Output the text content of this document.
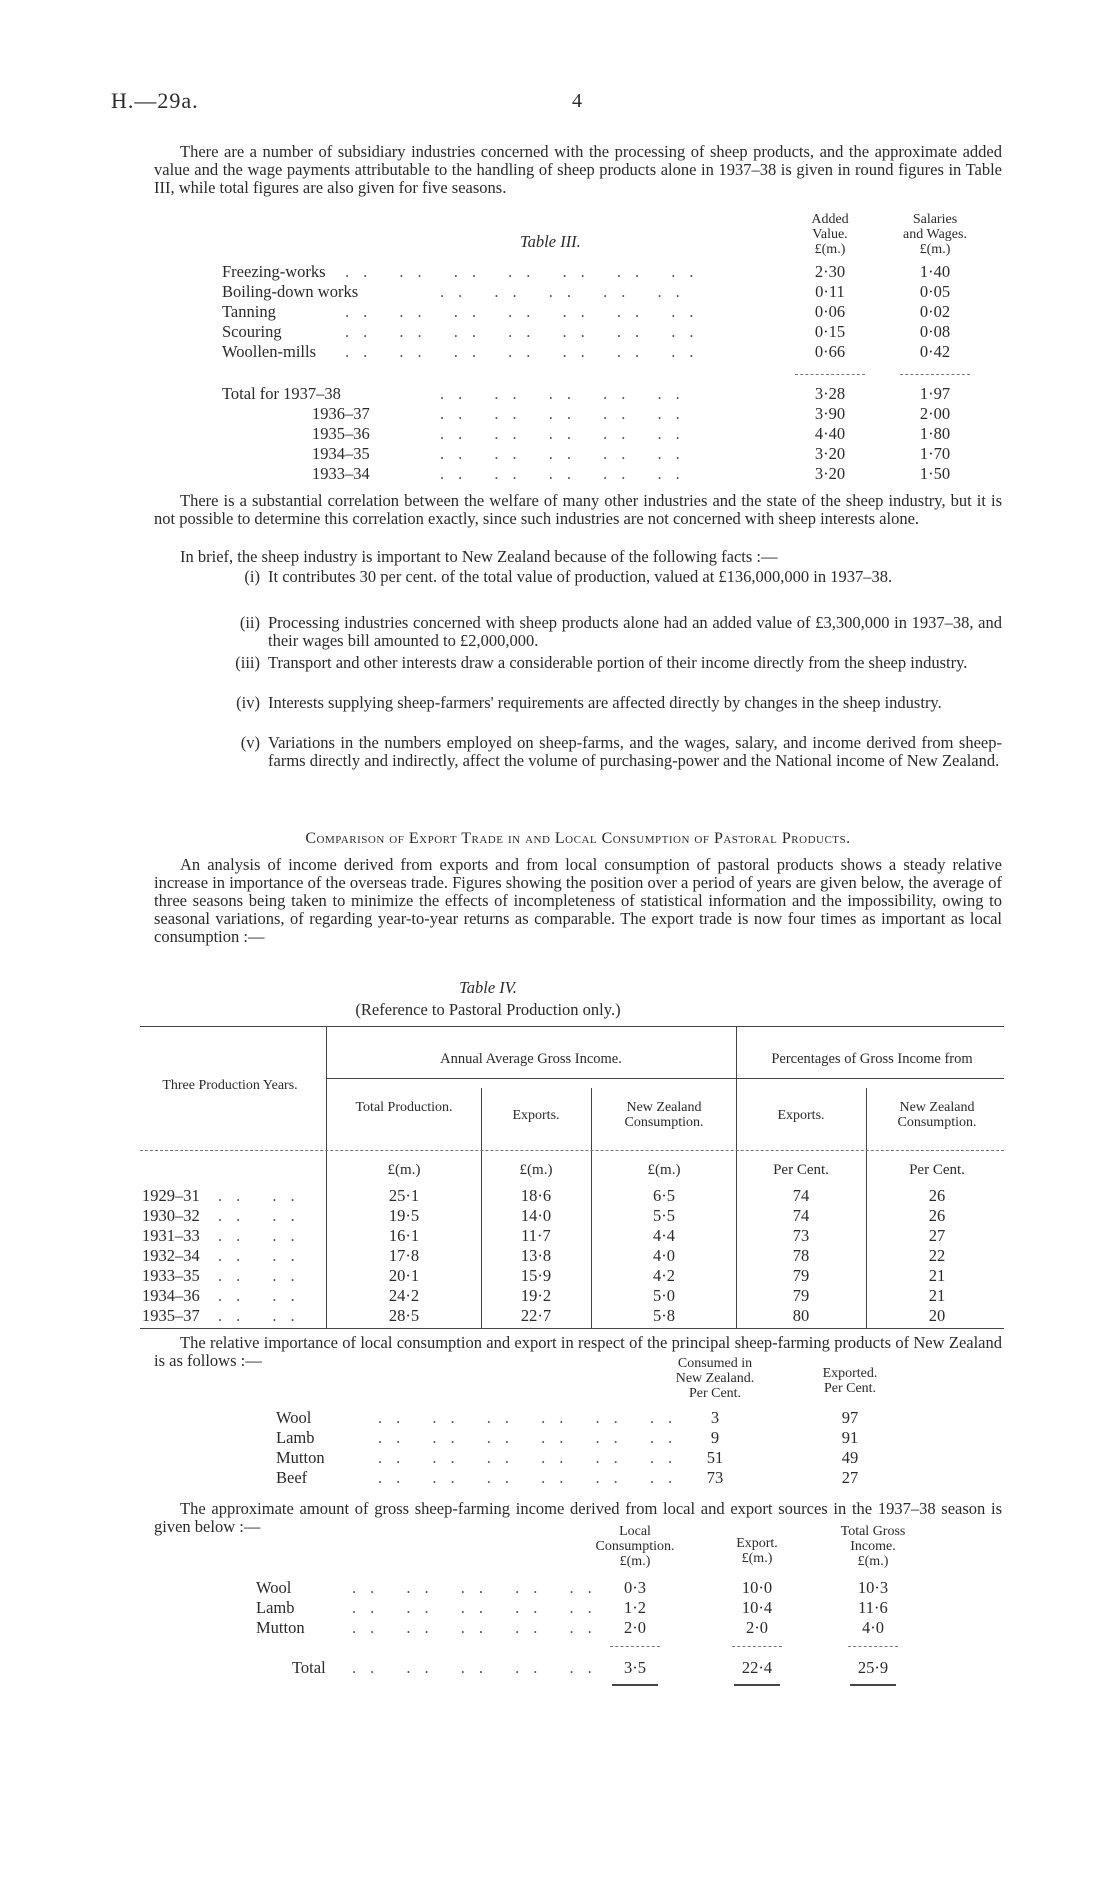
H.—29a.	4
There are a number of subsidiary industries concerned with the processing of sheep products, and the approximate added value and the wage payments attributable to the handling of sheep products alone in 1937–38 is given in round figures in Table III, while total figures are also given for five seasons.
Table III.
Added
Value.
£(m.)
Salaries
and Wages.
£(m.)
Freezing-works .. .. .. .. .. .. ..	2·30	1·40
Boiling-down works	.. .. .. .. ..	0·11	0·05
Tanning	.. .. .. .. .. .. ..	0·06	0·02
Scouring	.. .. .. .. .. .. ..	0·15	0·08
Woollen-mills .. .. .. .. .. .. ..	0·66	0·42
Total for 1937–38	.. .. .. .. ..	3·28	1·97
1936–37	.. .. .. .. ..	3·90	2·00
1935–36	.. .. .. .. ..	4·40	1·80
1934–35	.. .. .. .. ..	3·20	1·70
1933–34	.. .. .. .. ..	3·20	1·50
There is a substantial correlation between the welfare of many other industries and the state of the sheep industry, but it is not possible to determine this correlation exactly, since such industries are not concerned with sheep interests alone.
In brief, the sheep industry is important to New Zealand because of the following facts :—
(i) It contributes 30 per cent. of the total value of production, valued at £136,000,000 in 1937–38.
(ii) Processing industries concerned with sheep products alone had an added value of £3,300,000 in 1937–38, and their wages bill amounted to £2,000,000.
(iii) Transport and other interests draw a considerable portion of their income directly from the sheep industry.
(iv) Interests supplying sheep-farmers' requirements are affected directly by changes in the sheep industry.
(v) Variations in the numbers employed on sheep-farms, and the wages, salary, and income derived from sheep-farms directly and indirectly, affect the volume of purchasing-power and the National income of New Zealand.
Comparison of Export Trade in and Local Consumption of Pastoral Products.
An analysis of income derived from exports and from local consumption of pastoral products shows a steady relative increase in importance of the overseas trade. Figures showing the position over a period of years are given below, the average of three seasons being taken to minimize the effects of incompleteness of statistical information and the impossibility, owing to seasonal variations, of regarding year-to-year returns as comparable. The export trade is now four times as important as local consumption :—
Table IV.
(Reference to Pastoral Production only.)
Three Production Years.
Annual Average Gross Income.	Percentages of Gross Income from
Total Production.
Exports.
New Zealand Consumption.	Exports.
New Zealand Consumption.
£(m.)	£(m.)	£(m.)	Per Cent.	Per Cent.
1929–31 .. ..	25·1	18·6	6·5	74	26
1930–32 .. ..	19·5	14·0	5·5	74	26
1931–33 .. ..	16·1	11·7	4·4	73	27
1932–34 .. ..	17·8	13·8	4·0	78	22
1933–35 .. ..	20·1	15·9	4·2	79	21
1934–36 .. ..	24·2	19·2	5·0	79	21
1935–37 .. ..	28·5	22·7	5·8	80	20
The relative importance of local consumption and export in respect of the principal sheep-farming products of New Zealand is as follows :—	Consumed in
New Zealand.
Per Cent.
Exported.
Per Cent.
Wool	.. .. .. .. .. ..	3	97
Lamb	.. .. .. .. .. ..	9	91
Mutton	.. .. .. .. .. ..	51	49
Beef	.. .. .. .. .. ..	73	27
The approximate amount of gross sheep-farming income derived from local and export sources in the 1937–38 season is given below :—	Local
Consumption.
£(m.)
Export.
£(m.)
Total Gross
Income.
£(m.)
Wool	.. .. .. .. ..	0·3	10·0	10·3
Lamb	.. .. .. .. ..	1·2	10·4	11·6
Mutton	.. .. .. .. ..	2·0	2·0	4·0
Total .. .. .. .. ..	3·5	22·4	25·9
